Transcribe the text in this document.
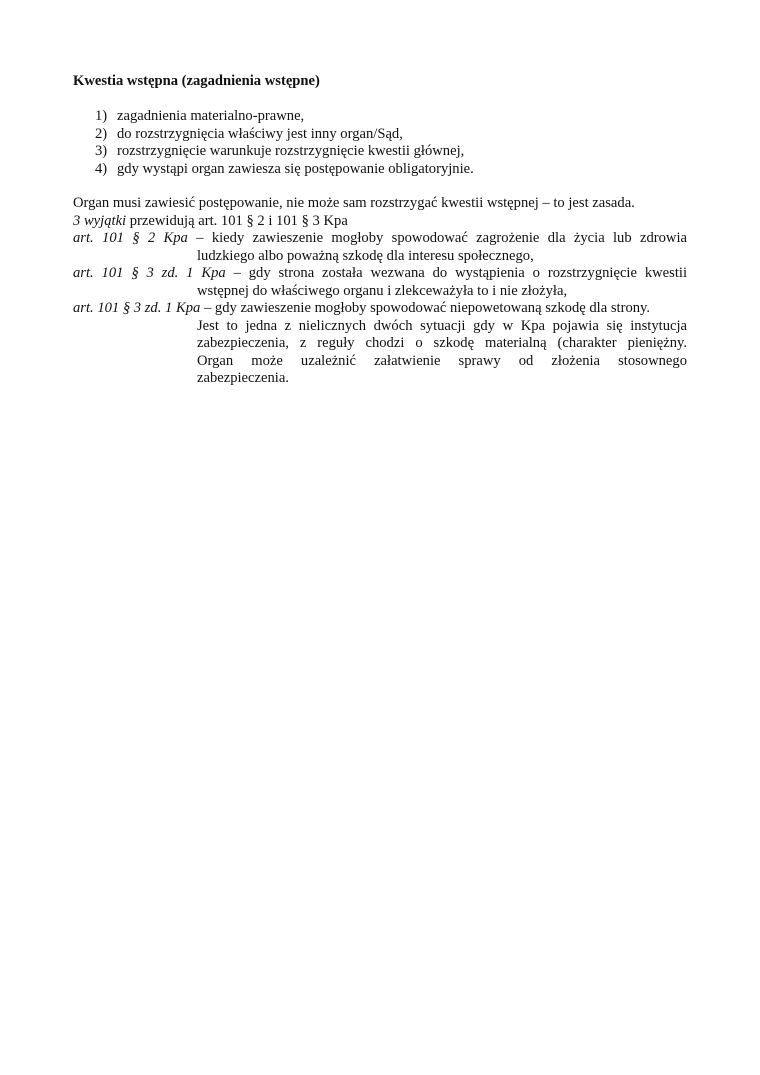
Kwestia wstępna (zagadnienia wstępne)

1) zagadnienia materialno-prawne,
2) do rozstrzygnięcia właściwy jest inny organ/Sąd,
3) rozstrzygnięcie warunkuje rozstrzygnięcie kwestii głównej,
4) gdy wystąpi organ zawiesza się postępowanie obligatoryjnie.
Organ musi zawiesić postępowanie, nie może sam rozstrzygać kwestii wstępnej – to jest zasada.
3 wyjątki przewidują art. 101 § 2 i 101 § 3 Kpa
art. 101 § 2 Kpa – kiedy zawieszenie mogłoby spowodować zagrożenie dla życia lub zdrowia
ludzkiego albo poważną szkodę dla interesu społecznego,
art. 101 § 3 zd. 1 Kpa – gdy strona została wezwana do wystąpienia o rozstrzygnięcie kwestii
wstępnej do właściwego organu i zlekceważyła to i nie złożyła,
art. 101 § 3 zd. 1 Kpa – gdy zawieszenie mogłoby spowodować niepowetowaną szkodę dla strony.
Jest to jedna z nielicznych dwóch sytuacji gdy w Kpa pojawia się instytucja
zabezpieczenia, z reguły chodzi o szkodę materialną (charakter pieniężny.
Organ może uzależnić załatwienie sprawy od złożenia stosownego
zabezpieczenia.
